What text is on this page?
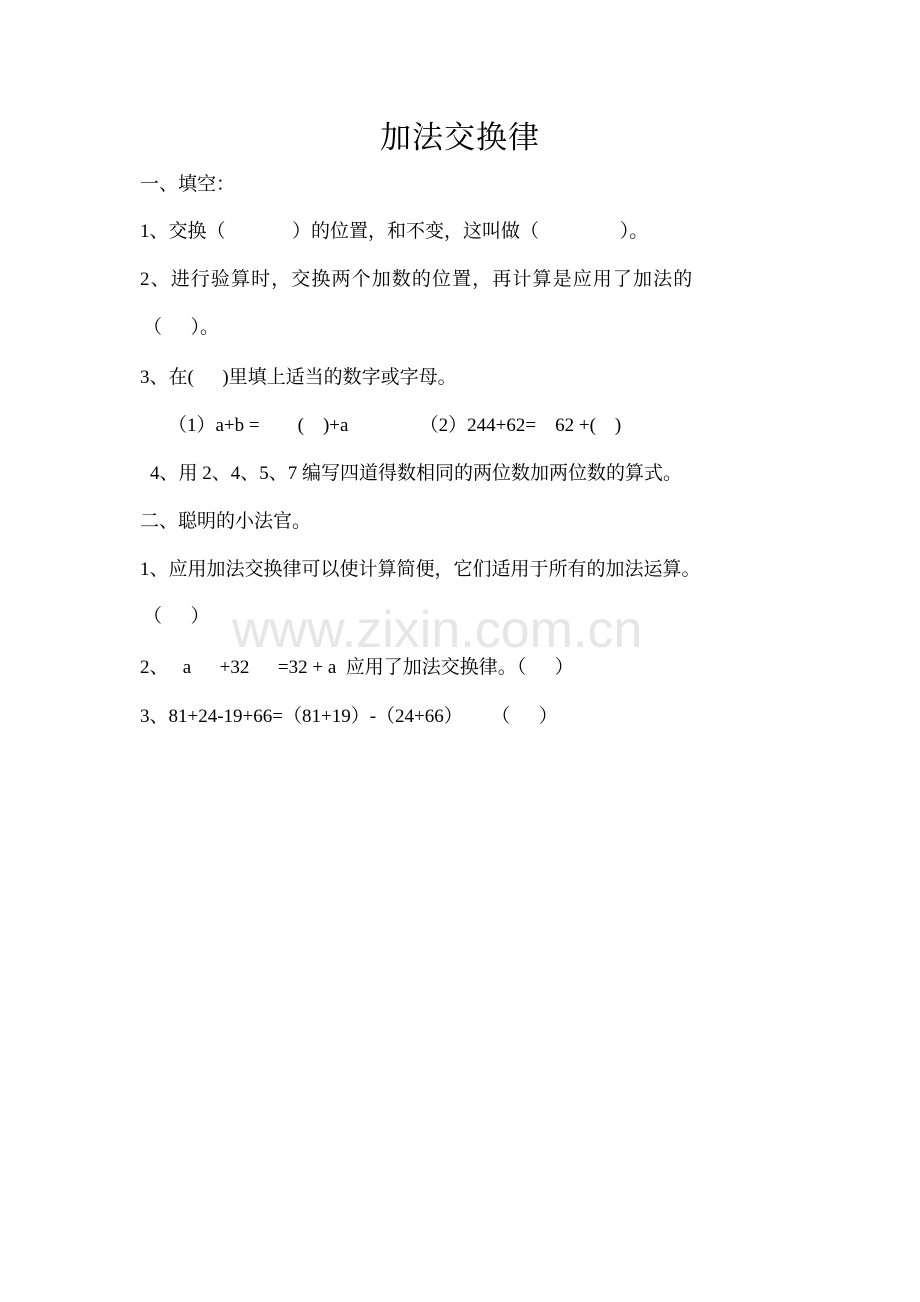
加法交换律
一、填空：
1、交换（              ）的位置，和不变，这叫做（                 ）。
2、进行验算时，交换两个加数的位置，再计算是应用了加法的
（      ）。
3、在(      )里填上适当的数字或字母。
（1）a+b =        (    )+a               （2）244+62=    62 +(    )
4、用 2、4、5、7 编写四道得数相同的两位数加两位数的算式。
二、聪明的小法官。
1、应用加法交换律可以使计算简便，它们适用于所有的加法运算。
（      ）
2、   a      +32      =32 + a  应用了加法交换律。（      ）
3、81+24-19+66=（81+19）-（24+66）      （      ）
www.zixin.com.cn
